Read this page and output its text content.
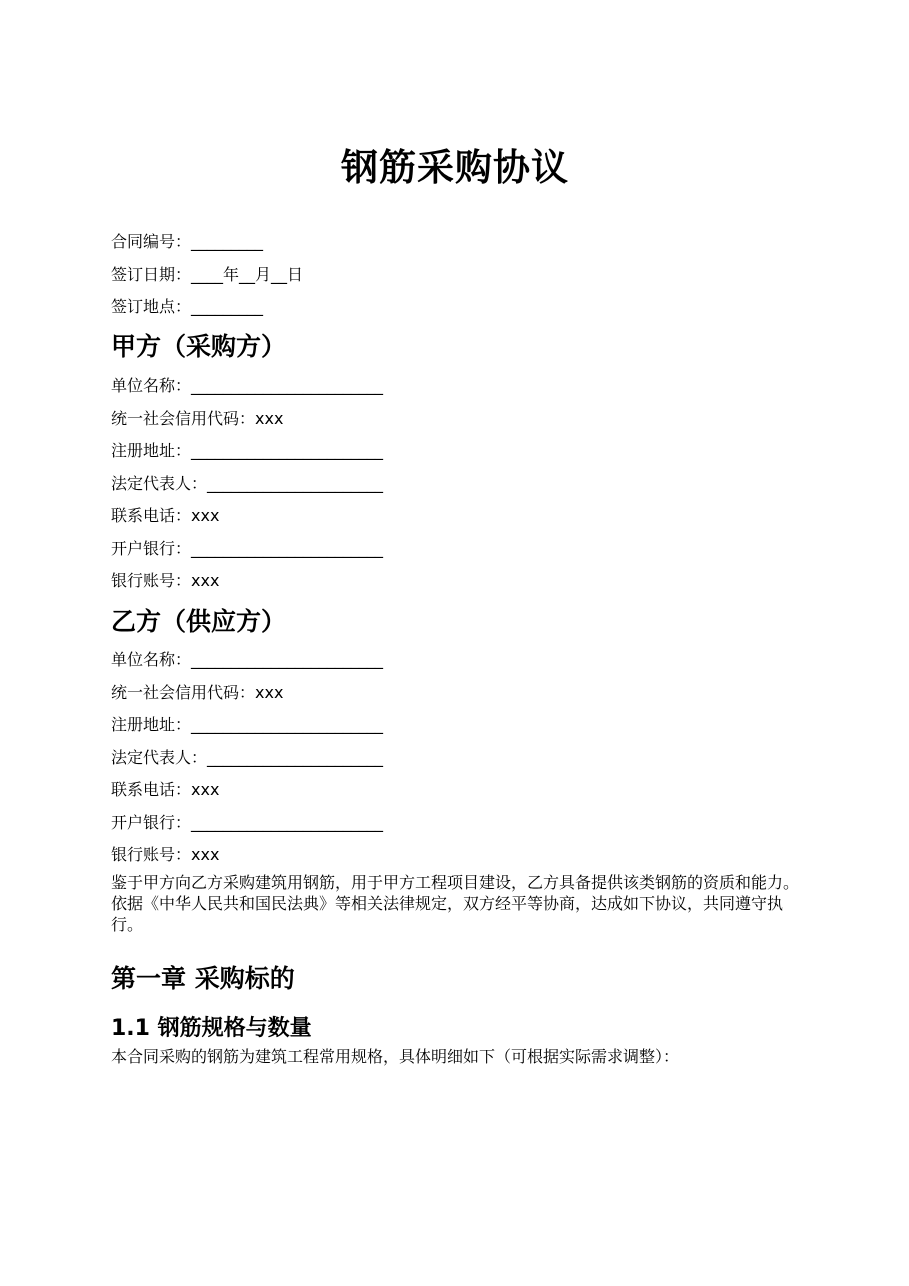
钢筋采购协议
合同编号：_________
签订日期：____年__月__日
签订地点：_________
甲方（采购方）
单位名称：________________________
统一社会信用代码：xxx
注册地址：________________________
法定代表人：______________________
联系电话：xxx
开户银行：________________________
银行账号：xxx
乙方（供应方）
单位名称：________________________
统一社会信用代码：xxx
注册地址：________________________
法定代表人：______________________
联系电话：xxx
开户银行：________________________
银行账号：xxx

鉴于甲方向乙方采购建筑用钢筋，用于甲方工程项目建设，乙方具备提供该类钢筋的资质和能力。依据《中华人民共和国民法典》等相关法律规定，双方经平等协商，达成如下协议，共同遵守执行。

第一章 采购标的
1.1 钢筋规格与数量

本合同采购的钢筋为建筑工程常用规格，具体明细如下（可根据实际需求调整）：
